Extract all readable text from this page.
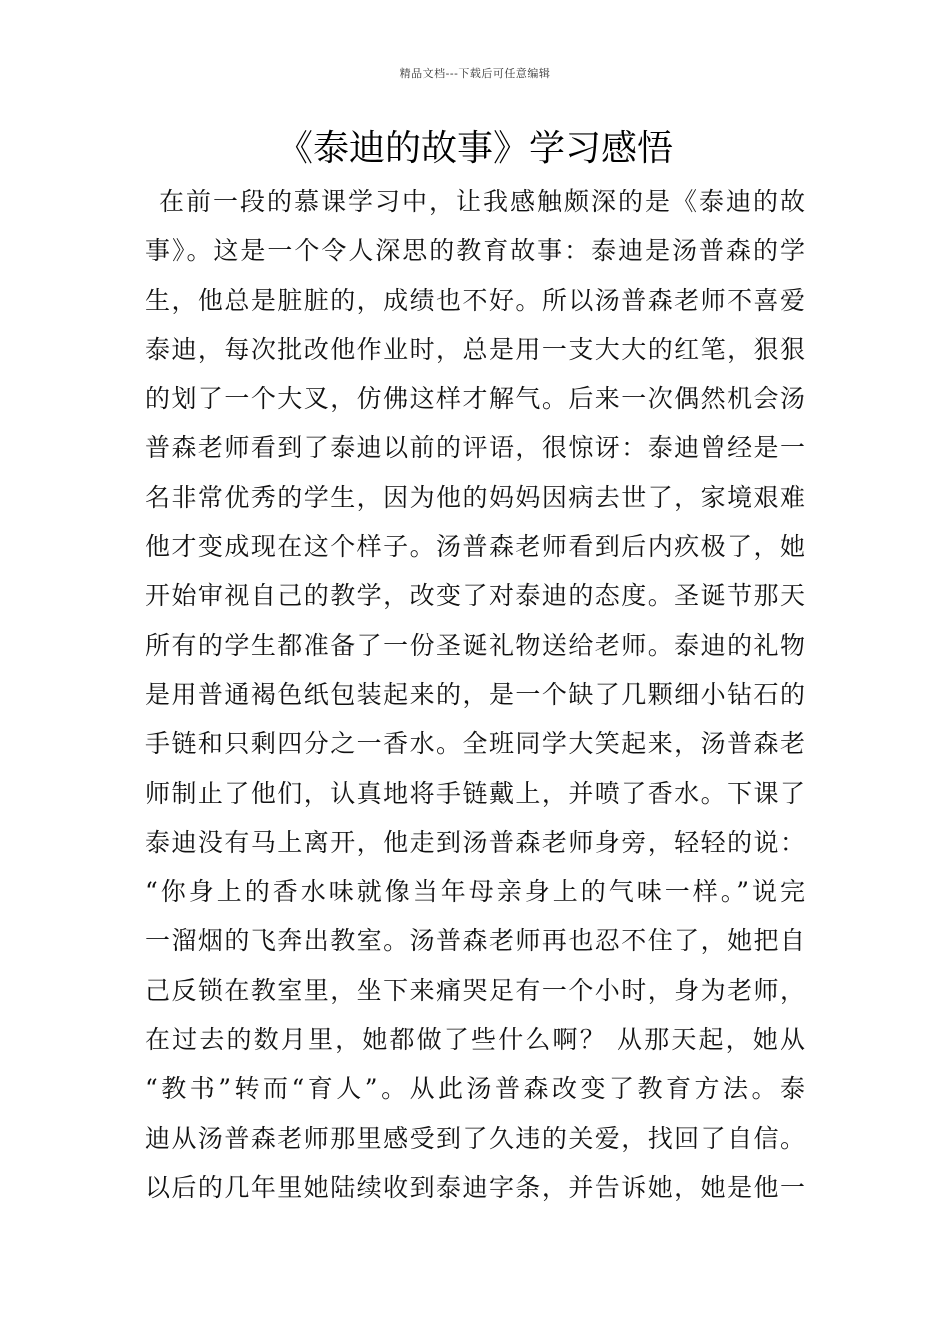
精品文档---下载后可任意编辑
《泰迪的故事》学习感悟
在前一段的慕课学习中，让我感触颇深的是《泰迪的故
事》。这是一个令人深思的教育故事：泰迪是汤普森的学
生，他总是脏脏的，成绩也不好。所以汤普森老师不喜爱
泰迪，每次批改他作业时，总是用一支大大的红笔，狠狠
的划了一个大叉，仿佛这样才解气。后来一次偶然机会汤
普森老师看到了泰迪以前的评语，很惊讶：泰迪曾经是一
名非常优秀的学生，因为他的妈妈因病去世了，家境艰难
他才变成现在这个样子。汤普森老师看到后内疚极了，她
开始审视自己的教学，改变了对泰迪的态度。圣诞节那天
所有的学生都准备了一份圣诞礼物送给老师。泰迪的礼物
是用普通褐色纸包装起来的，是一个缺了几颗细小钻石的
手链和只剩四分之一香水。全班同学大笑起来，汤普森老
师制止了他们，认真地将手链戴上，并喷了香水。下课了
泰迪没有马上离开，他走到汤普森老师身旁，轻轻的说：
“你身上的香水味就像当年母亲身上的气味一样。”说完
一溜烟的飞奔出教室。汤普森老师再也忍不住了，她把自
己反锁在教室里，坐下来痛哭足有一个小时，身为老师，
在过去的数月里，她都做了些什么啊？ 从那天起，她从
“教书”转而“育人”。从此汤普森改变了教育方法。泰
迪从汤普森老师那里感受到了久违的关爱，找回了自信。
以后的几年里她陆续收到泰迪字条，并告诉她，她是他一
